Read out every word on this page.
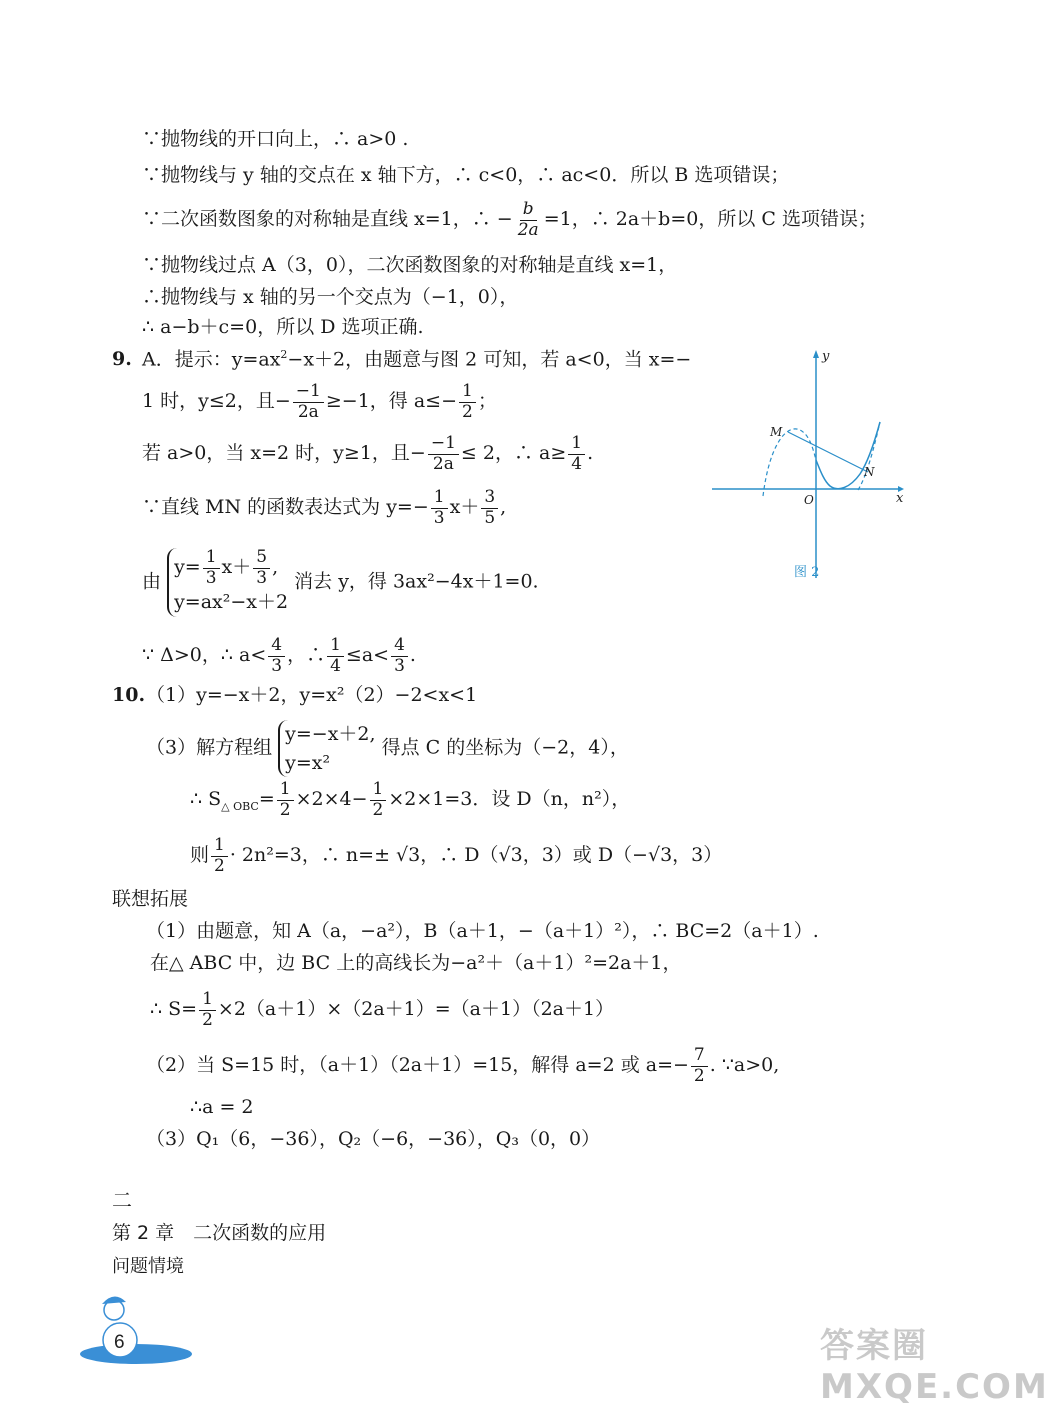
∵抛物线的开口向上，∴ a>0 .
∵抛物线与 y 轴的交点在 x 轴下方，∴ c<0，∴ ac<0．所以 B 选项错误；
∵二次函数图象的对称轴是直线 x=1，∴ − $\frac{b}{2a} =1$，∴ 2a＋b=0，所以 C 选项错误；
∵抛物线过点 A（3，0），二次函数图象的对称轴是直线 x=1，
∴抛物线与 x 轴的另一个交点为（−1，0），
∴ a−b＋c=0，所以 D 选项正确.
9. A．提示：$y=ax^2-x+2$，由题意与图 2 可知，若 a<0，当 x=−
1 时，y≤2，且− $\frac{-1}{2a} \ge-1$，得 $a\le- \frac{1}{2}$ ；
若 a>0，当 x=2 时，y≥1，且− $\frac{-1}{2a} \le 2$，∴ $a\ge \frac{1}{4}$ .
∵直线 MN 的函数表达式为 $y=- \frac{1}{3} x+ \frac{3}{5}$ ,
由
$y= \frac{1}{3} x+ \frac{5}{3}$ ,
y=ax²−x＋2
消去 y，得 3ax²−4x＋1=0.
∵ Δ>0，∴ $a< \frac{4}{3}$ ，∴ $\frac{1}{4} \le a< \frac{4}{3}$ .
y
x
O
M
N
图 2
10. （1）y=−x＋2，y=x²（2）−2<x<1
（3）解方程组
y=−x＋2,
y=x²
得点 C 的坐标为（−2，4），
∴ $S_{\triangle OBC}= \frac{1}{2} \times 2\times 4- \frac{1}{2} \times 2\times 1=3$．设 D（n，n²），
则 $\frac{1}{2} \cdot 2n^2=3$，∴ n=± √3，∴ D（√3，3）或 D（−√3，3）
联想拓展
（1）由题意，知 A（a，−a²），B（a＋1，−（a＋1）²），∴ BC=2（a＋1）.
在△ ABC 中，边 BC 上的高线长为−a²＋（a＋1）²=2a＋1，
∴ $S= \frac{1}{2} \times 2(a+1)\times(2a+1)=(a+1)(2a+1)$
（2）当 S=15 时，（a＋1）（2a＋1）=15，解得 a=2 或 $a=- \frac{7}{2}$ . ∵a>0,
∴a = 2
（3）Q₁（6，−36），Q₂（−6，−36），Q₃（0，0）
二
第 2 章　二次函数的应用
问题情境
6	答案圈 MXQE.COM
